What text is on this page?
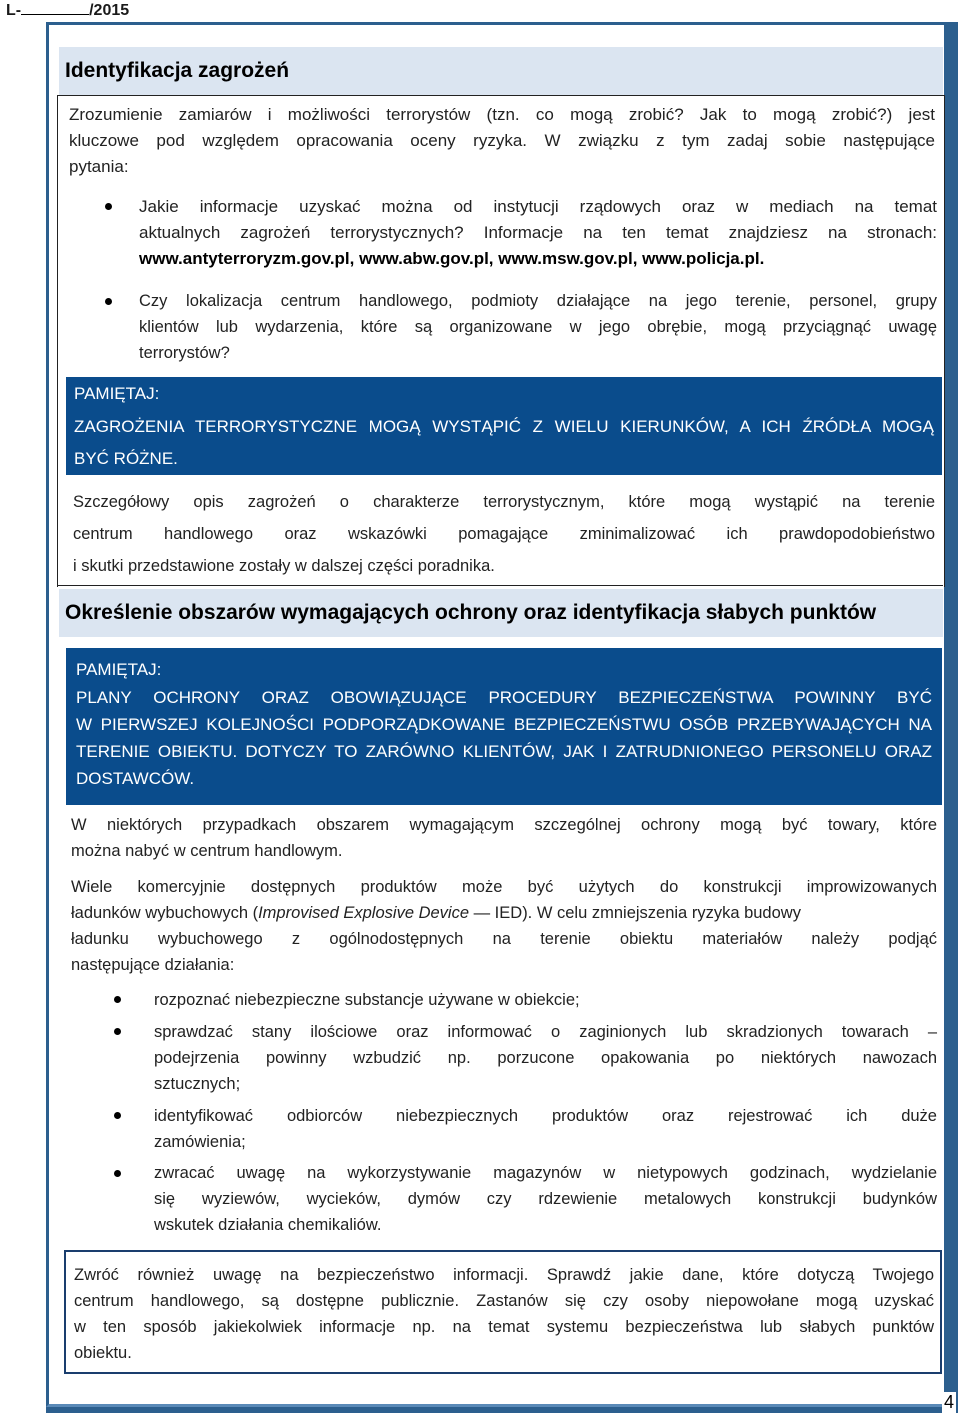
L-	/2015
Identyfikacja zagrożeń
Zrozumienie zamiarów i możliwości terrorystów (tzn. co mogą zrobić? Jak to mogą zrobić?) jest
kluczowe pod względem opracowania oceny ryzyka. W związku z tym zadaj sobie następujące
pytania:
Jakie informacje uzyskać można od instytucji rządowych oraz w mediach na temat
aktualnych zagrożeń terrorystycznych? Informacje na ten temat znajdziesz na stronach:
www.antyterroryzm.gov.pl, www.abw.gov.pl, www.msw.gov.pl, www.policja.pl.
Czy lokalizacja centrum handlowego, podmioty działające na jego terenie, personel, grupy
klientów lub wydarzenia, które są organizowane w jego obrębie, mogą przyciągnąć uwagę
terrorystów?
PAMIĘTAJ:
ZAGROŻENIA TERRORYSTYCZNE MOGĄ WYSTĄPIĆ Z WIELU KIERUNKÓW, A ICH ŹRÓDŁA MOGĄ
BYĆ RÓŻNE.
Szczegółowy opis zagrożeń o charakterze terrorystycznym, które mogą wystąpić na terenie
centrum handlowego oraz wskazówki pomagające zminimalizować ich prawdopodobieństwo
i skutki przedstawione zostały w dalszej części poradnika.
Określenie obszarów wymagających ochrony oraz identyfikacja słabych punktów
PAMIĘTAJ:
PLANY OCHRONY ORAZ OBOWIĄZUJĄCE PROCEDURY BEZPIECZEŃSTWA POWINNY BYĆ
W PIERWSZEJ KOLEJNOŚCI PODPORZĄDKOWANE BEZPIECZEŃSTWU OSÓB PRZEBYWAJĄCYCH NA
TERENIE OBIEKTU. DOTYCZY TO ZARÓWNO KLIENTÓW, JAK I ZATRUDNIONEGO PERSONELU ORAZ
DOSTAWCÓW.
W niektórych przypadkach obszarem wymagającym szczególnej ochrony mogą być towary, które
można nabyć w centrum handlowym.
Wiele komercyjnie dostępnych produktów może być użytych do konstrukcji improwizowanych
ładunków wybuchowych (Improvised Explosive Device — IED). W celu zmniejszenia ryzyka budowy
ładunku wybuchowego z ogólnodostępnych na terenie obiektu materiałów należy podjąć
następujące działania:
rozpoznać niebezpieczne substancje używane w obiekcie;
sprawdzać stany ilościowe oraz informować o zaginionych lub skradzionych towarach –
podejrzenia powinny wzbudzić np. porzucone opakowania po niektórych nawozach
sztucznych;
identyfikować odbiorców niebezpiecznych produktów oraz rejestrować ich duże
zamówienia;
zwracać uwagę na wykorzystywanie magazynów w nietypowych godzinach, wydzielanie
się wyziewów, wycieków, dymów czy rdzewienie metalowych konstrukcji budynków
wskutek działania chemikaliów.
Zwróć również uwagę na bezpieczeństwo informacji. Sprawdź jakie dane, które dotyczą Twojego
centrum handlowego, są dostępne publicznie. Zastanów się czy osoby niepowołane mogą uzyskać
w ten sposób jakiekolwiek informacje np. na temat systemu bezpieczeństwa lub słabych punktów
obiektu.
4
